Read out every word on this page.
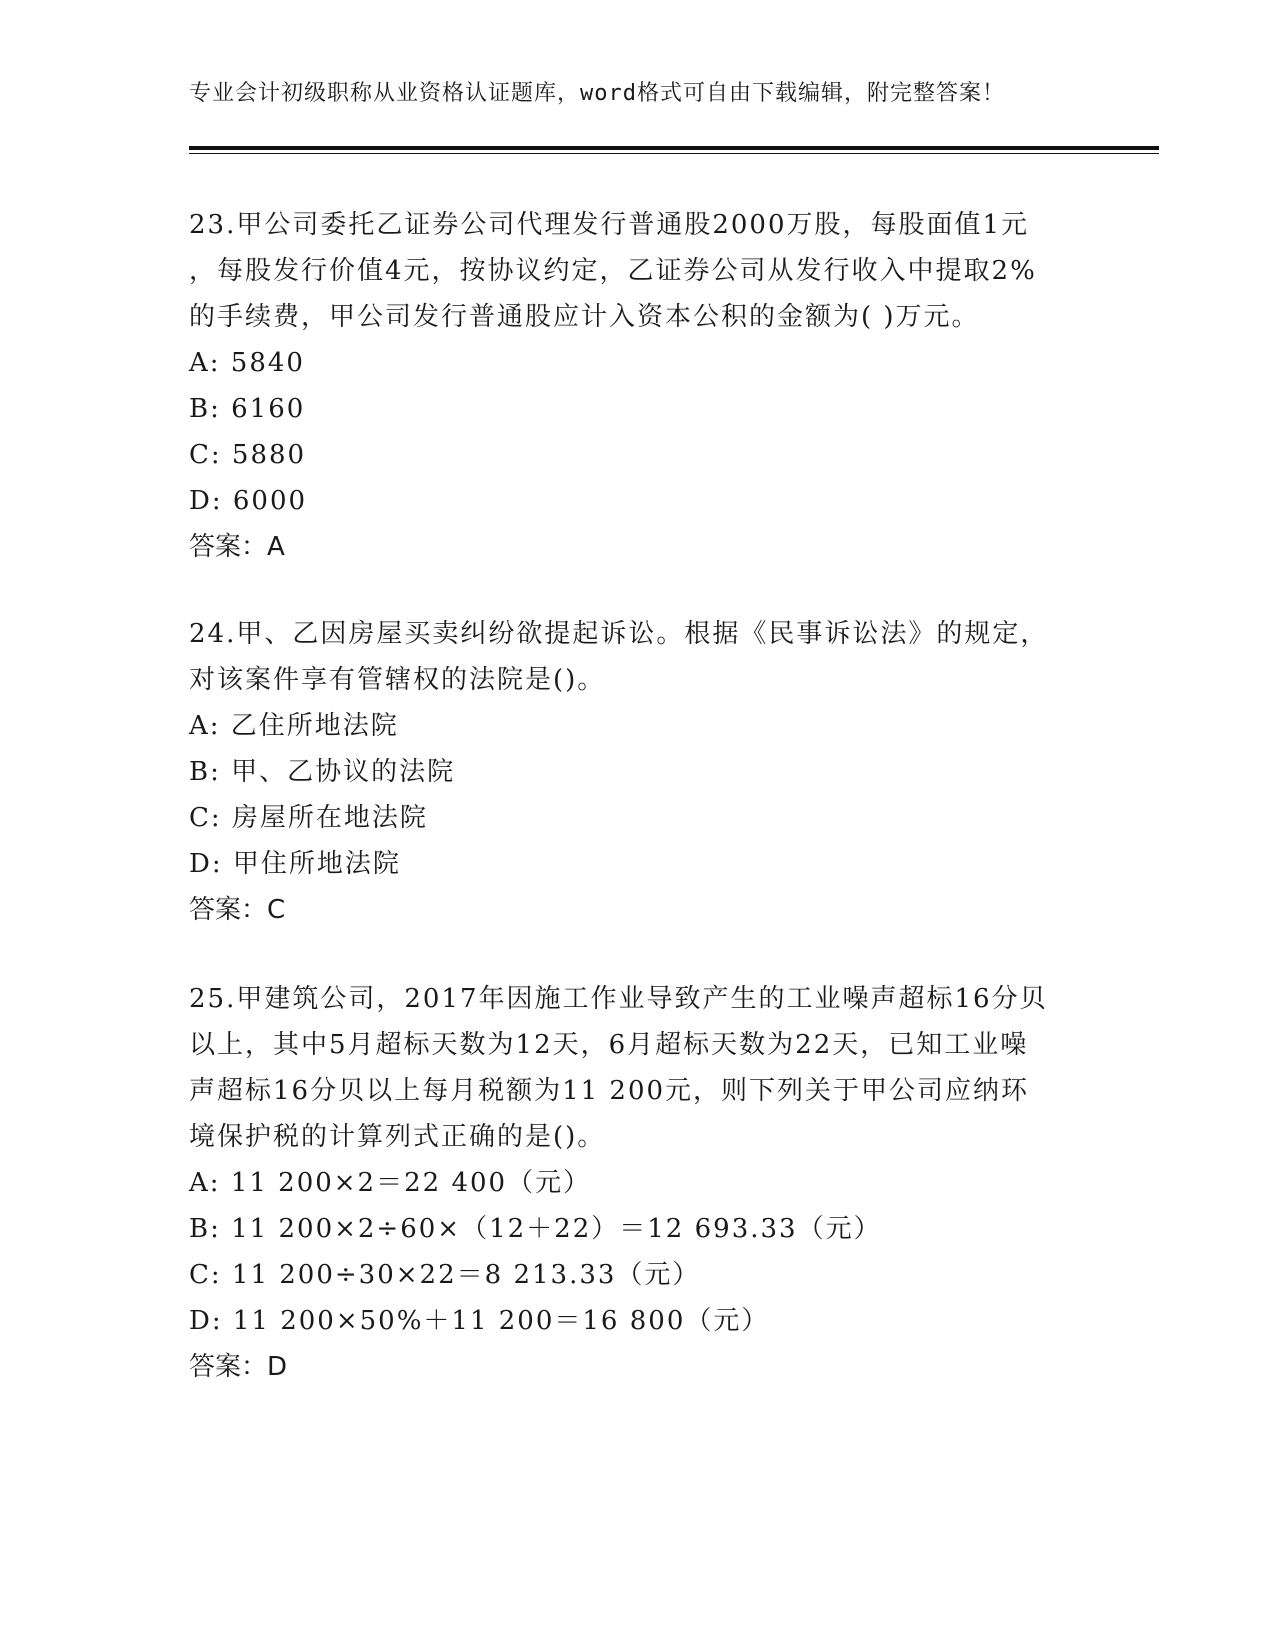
专业会计初级职称从业资格认证题库，word格式可自由下载编辑，附完整答案！
23.甲公司委托乙证券公司代理发行普通股2000万股，每股面值1元
，每股发行价值4元，按协议约定，乙证券公司从发行收入中提取2%
的手续费，甲公司发行普通股应计入资本公积的金额为( )万元。
A: 5840
B: 6160
C: 5880
D: 6000
答案：A
24.甲、乙因房屋买卖纠纷欲提起诉讼。根据《民事诉讼法》的规定，
对该案件享有管辖权的法院是()。
A: 乙住所地法院
B: 甲、乙协议的法院
C: 房屋所在地法院
D: 甲住所地法院
答案：C
25.甲建筑公司，2017年因施工作业导致产生的工业噪声超标16分贝
以上，其中5月超标天数为12天，6月超标天数为22天，已知工业噪
声超标16分贝以上每月税额为11 200元，则下列关于甲公司应纳环
境保护税的计算列式正确的是()。
A: 11 200×2＝22 400（元）
B: 11 200×2÷60×（12＋22）＝12 693.33（元）
C: 11 200÷30×22＝8 213.33（元）
D: 11 200×50%＋11 200＝16 800（元）
答案：D
